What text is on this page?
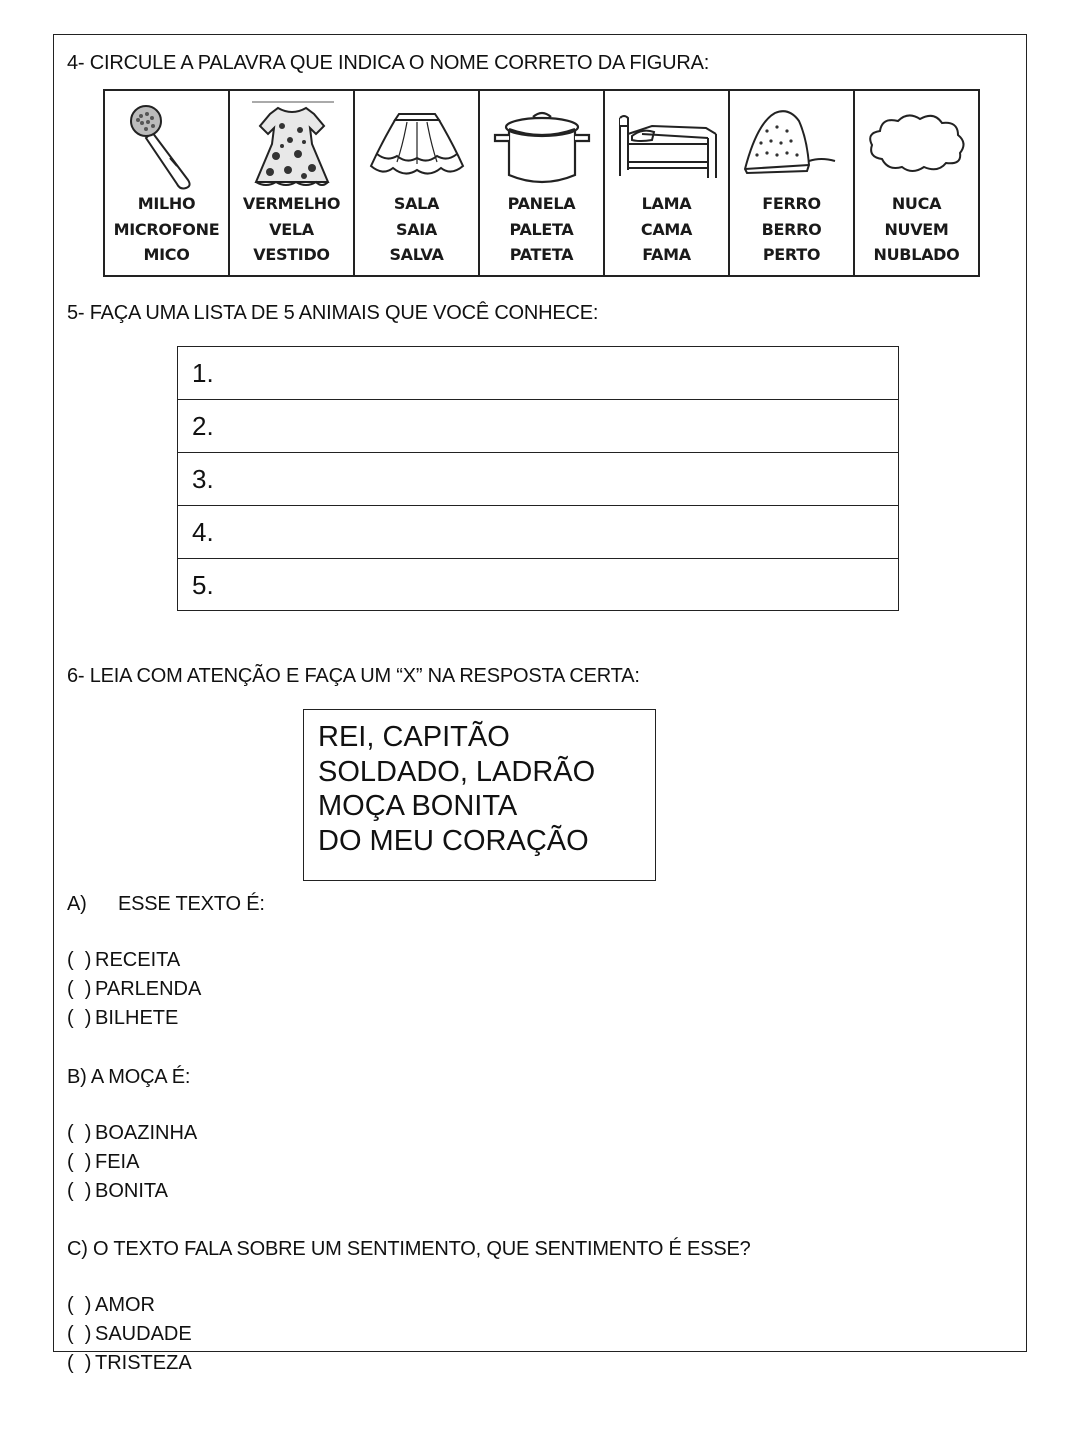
4- CIRCULE A PALAVRA QUE INDICA O NOME CORRETO DA FIGURA:
MILHO
MICROFONE
MICO
VERMELHO
VELA
VESTIDO
SALA
SAIA
SALVA
PANELA
PALETA
PATETA
LAMA
CAMA
FAMA
FERRO
BERRO
PERTO
NUCA
NUVEM
NUBLADO
5- FAÇA UMA LISTA DE 5 ANIMAIS QUE VOCÊ CONHECE:
1.
2.
3.
4.
5.
6- LEIA COM ATENÇÃO E FAÇA UM “X” NA RESPOSTA CERTA:
REI, CAPITÃO
SOLDADO, LADRÃO
MOÇA BONITA
DO MEU CORAÇÃO
A) ESSE TEXTO É:
(  ) RECEITA
(  ) PARLENDA
(  ) BILHETE
B) A MOÇA É:
(  ) BOAZINHA
(  ) FEIA
(  ) BONITA
C) O TEXTO FALA SOBRE UM SENTIMENTO, QUE SENTIMENTO É ESSE?
(  ) AMOR
(  ) SAUDADE
(  ) TRISTEZA
